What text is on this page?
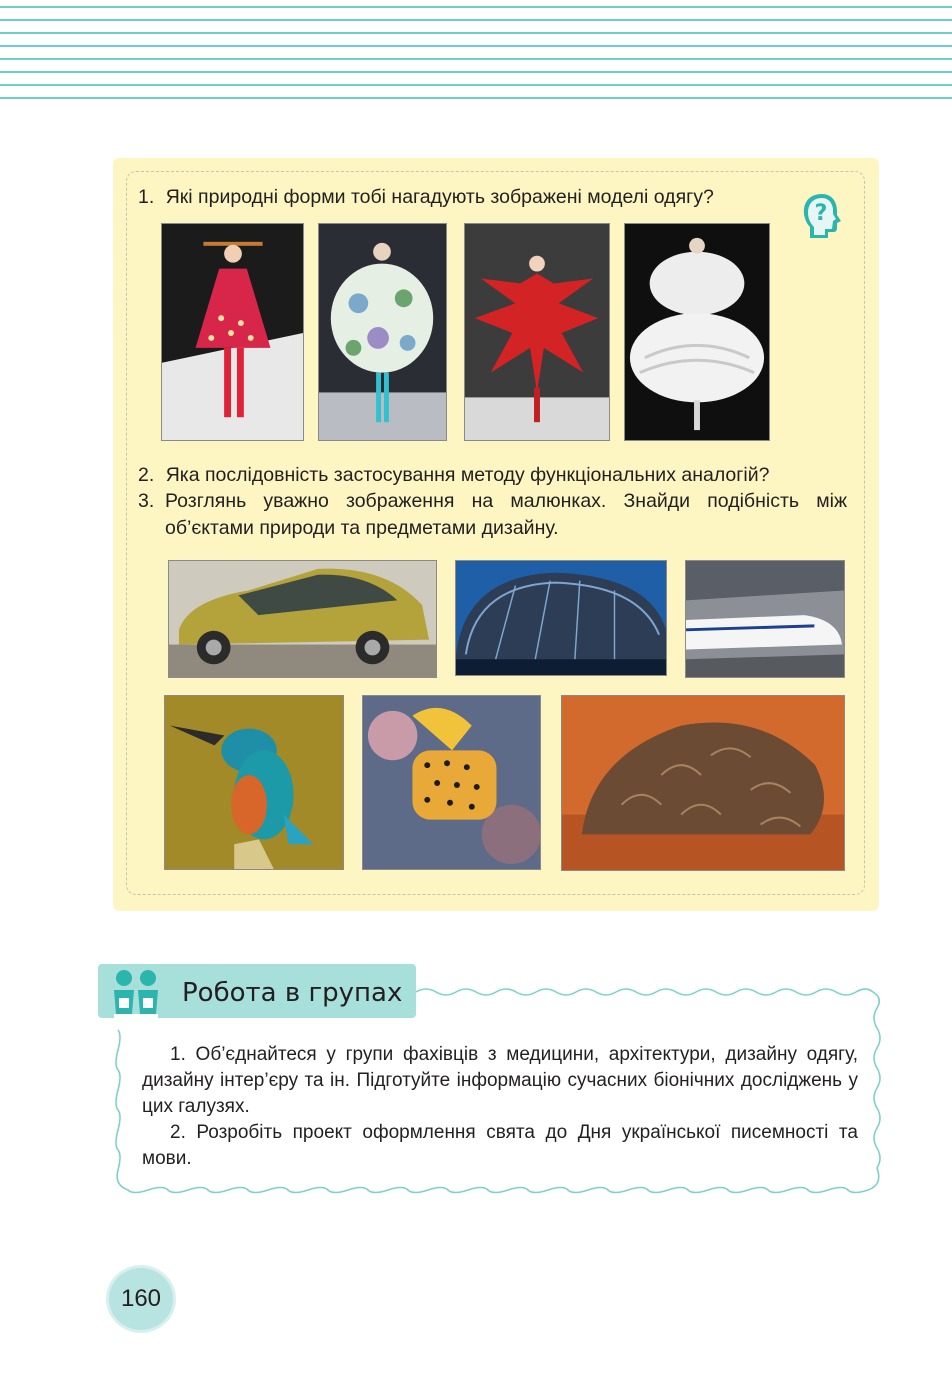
1. Які природні форми тобі нагадують зображені моделі одягу?
?
2. Яка послідовність застосування методу функціональних аналогій?
3. Розглянь уважно зображення на малюнках. Знайди подібність між
об’єктами природи та предметами дизайну.
Робота в групах

1. Об’єднайтеся у групи фахівців з медицини, архітектури, дизайну одягу, дизайну інтер’єру та ін. Підготуйте інформацію сучасних біонічних досліджень у цих галузях.

2. Розробіть проект оформлення свята до Дня української писемності та мови.

160
